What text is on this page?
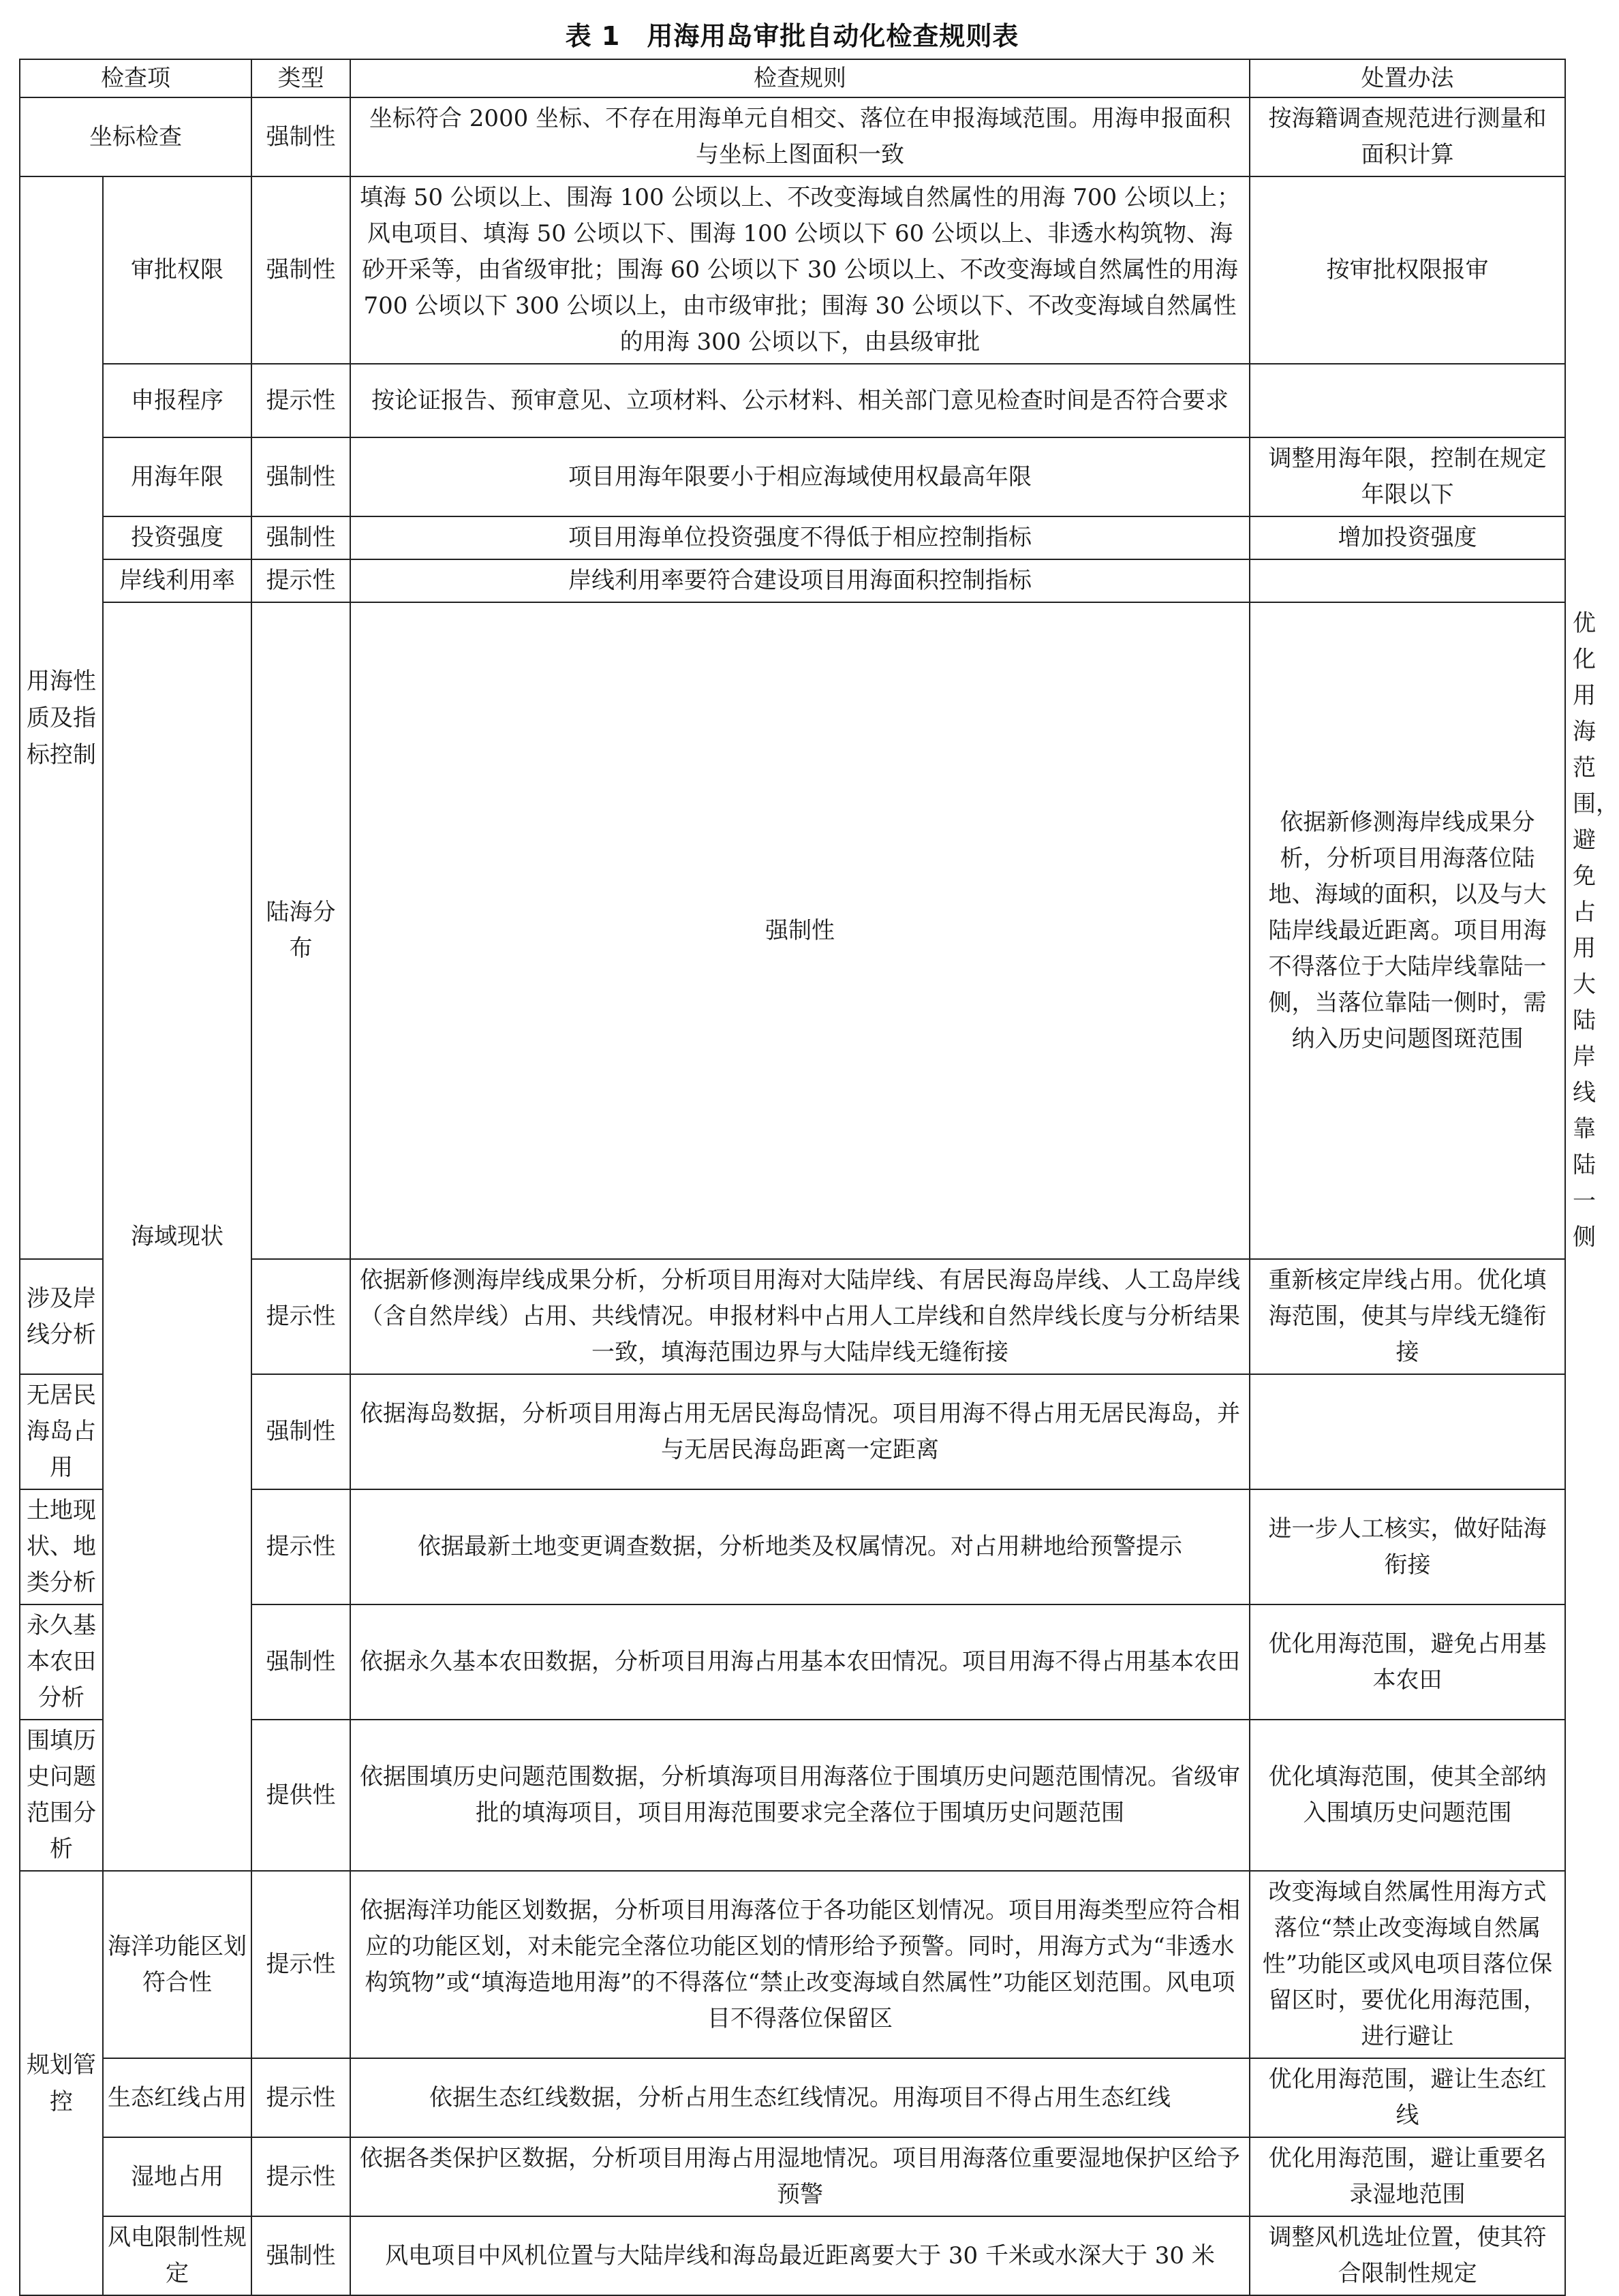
表 1　用海用岛审批自动化检查规则表
检查项		类型	检查规则	处置办法	
坐标检查		强制性	坐标符合 2000 坐标、不存在用海单元自相交、落位在申报海域范围。用海申报面积与坐标上图面积一致	按海籍调查规范进行测量和面积计算	
用海性质及指标控制	审批权限	强制性	填海 50 公顷以上、围海 100 公顷以上、不改变海域自然属性的用海 700 公顷以上；风电项目、填海 50 公顷以下、围海 100 公顷以下 60 公顷以上、非透水构筑物、海砂开采等，由省级审批；围海 60 公顷以下 30 公顷以上、不改变海域自然属性的用海 700 公顷以下 300 公顷以上，由市级审批；围海 30 公顷以下、不改变海域自然属性的用海 300 公顷以下，由县级审批	按审批权限报审	
	申报程序	提示性	按论证报告、预审意见、立项材料、公示材料、相关部门意见检查时间是否符合要求		
	用海年限	强制性	项目用海年限要小于相应海域使用权最高年限	调整用海年限，控制在规定年限以下	
	投资强度	强制性	项目用海单位投资强度不得低于相应控制指标	增加投资强度	
	岸线利用率	提示性	岸线利用率要符合建设项目用海面积控制指标		
	海域现状	陆海分布	强制性	依据新修测海岸线成果分析，分析项目用海落位陆地、海域的面积，以及与大陆岸线最近距离。项目用海不得落位于大陆岸线靠陆一侧，当落位靠陆一侧时，需纳入历史问题图斑范围	优化用海范围，避免占用大陆岸线靠陆一侧
涉及岸线分析		提示性	依据新修测海岸线成果分析，分析项目用海对大陆岸线、有居民海岛岸线、人工岛岸线（含自然岸线）占用、共线情况。申报材料中占用人工岸线和自然岸线长度与分析结果一致，填海范围边界与大陆岸线无缝衔接	重新核定岸线占用。优化填海范围，使其与岸线无缝衔接	
无居民海岛占用		强制性	依据海岛数据，分析项目用海占用无居民海岛情况。项目用海不得占用无居民海岛，并与无居民海岛距离一定距离		
土地现状、地类分析		提示性	依据最新土地变更调查数据，分析地类及权属情况。对占用耕地给预警提示	进一步人工核实，做好陆海衔接	
永久基本农田分析		强制性	依据永久基本农田数据，分析项目用海占用基本农田情况。项目用海不得占用基本农田	优化用海范围，避免占用基本农田	
围填历史问题范围分析		提供性	依据围填历史问题范围数据，分析填海项目用海落位于围填历史问题范围情况。省级审批的填海项目，项目用海范围要求完全落位于围填历史问题范围	优化填海范围，使其全部纳入围填历史问题范围	
规划管控	海洋功能区划符合性	提示性	依据海洋功能区划数据，分析项目用海落位于各功能区划情况。项目用海类型应符合相应的功能区划，对未能完全落位功能区划的情形给予预警。同时，用海方式为“非透水构筑物”或“填海造地用海”的不得落位“禁止改变海域自然属性”功能区划范围。风电项目不得落位保留区	改变海域自然属性用海方式落位“禁止改变海域自然属性”功能区或风电项目落位保留区时，要优化用海范围，进行避让	
	生态红线占用	提示性	依据生态红线数据，分析占用生态红线情况。用海项目不得占用生态红线	优化用海范围，避让生态红线	
	湿地占用	提示性	依据各类保护区数据，分析项目用海占用湿地情况。项目用海落位重要湿地保护区给予预警	优化用海范围，避让重要名录湿地范围	
	风电限制性规定	强制性	风电项目中风机位置与大陆岸线和海岛最近距离要大于 30 千米或水深大于 30 米	调整风机选址位置，使其符合限制性规定	
